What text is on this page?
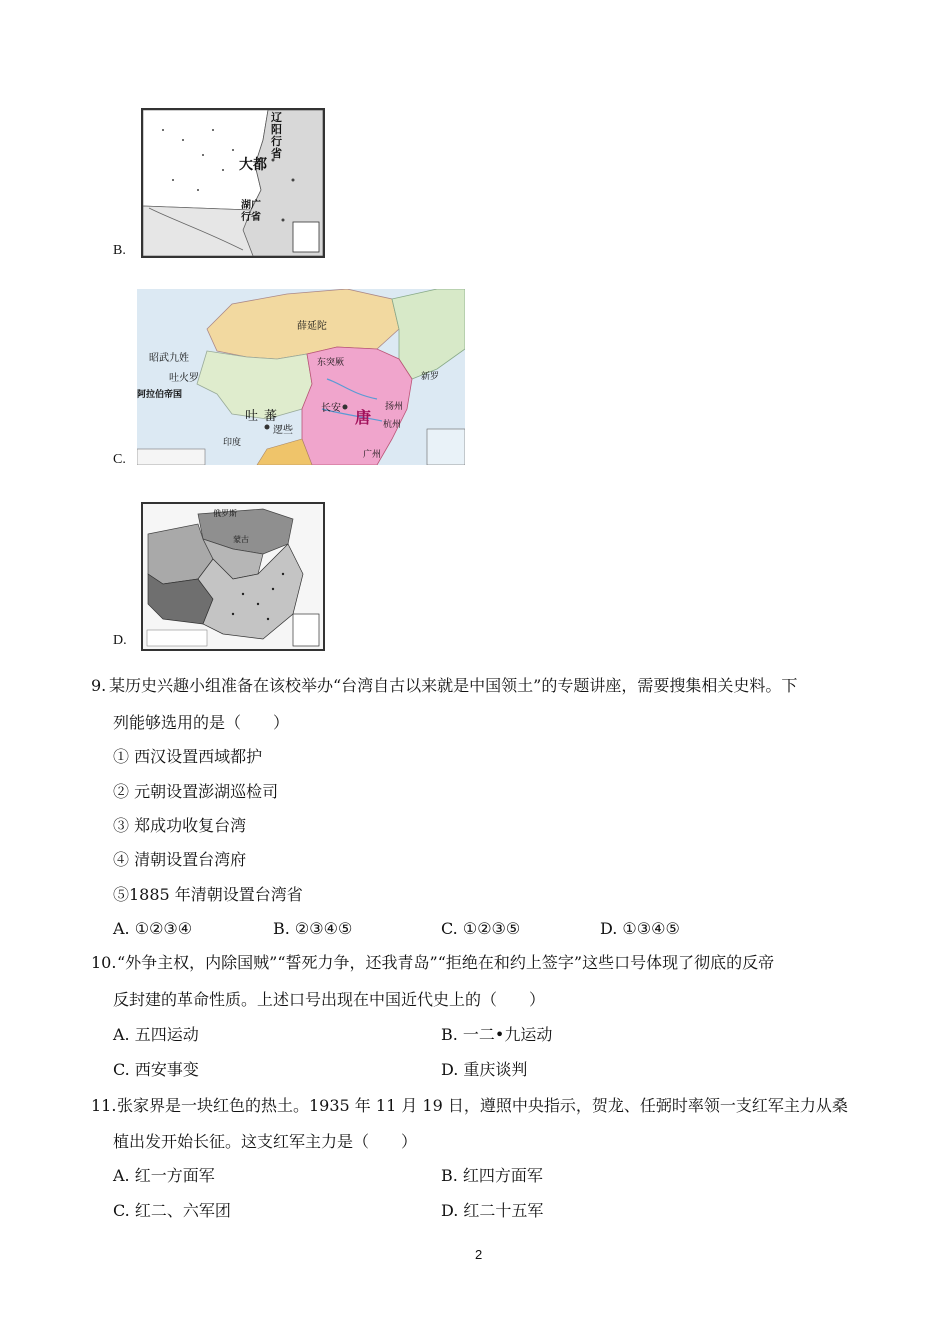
辽阳行省
大都
湖广行省
B.
薛延陀
唐
长安
吐蕃
逻些
昭武九姓
吐火罗
阿拉伯帝国
印度
东突厥
新罗
杭州
扬州
广州
C.
俄罗斯
蒙古
D.
9. 某历史兴趣小组准备在该校举办“台湾自古以来就是中国领土”的专题讲座，需要搜集相关史料。下
列能够选用的是（　　）
① 西汉设置西域都护
② 元朝设置澎湖巡检司
③ 郑成功收复台湾
④ 清朝设置台湾府
⑤1885 年清朝设置台湾省
A. ①②③④	B. ②③④⑤	C. ①②③⑤	D. ①③④⑤
10. “外争主权，内除国贼”“誓死力争，还我青岛”“拒绝在和约上签字”这些口号体现了彻底的反帝
反封建的革命性质。上述口号出现在中国近代史上的（　　）
A. 五四运动	B. 一二•九运动
C. 西安事变	D. 重庆谈判
11. 张家界是一块红色的热土。1935 年 11 月 19 日，遵照中央指示，贺龙、任弼时率领一支红军主力从桑
植出发开始长征。这支红军主力是（　　）
A. 红一方面军	B. 红四方面军
C. 红二、六军团	D. 红二十五军
2
